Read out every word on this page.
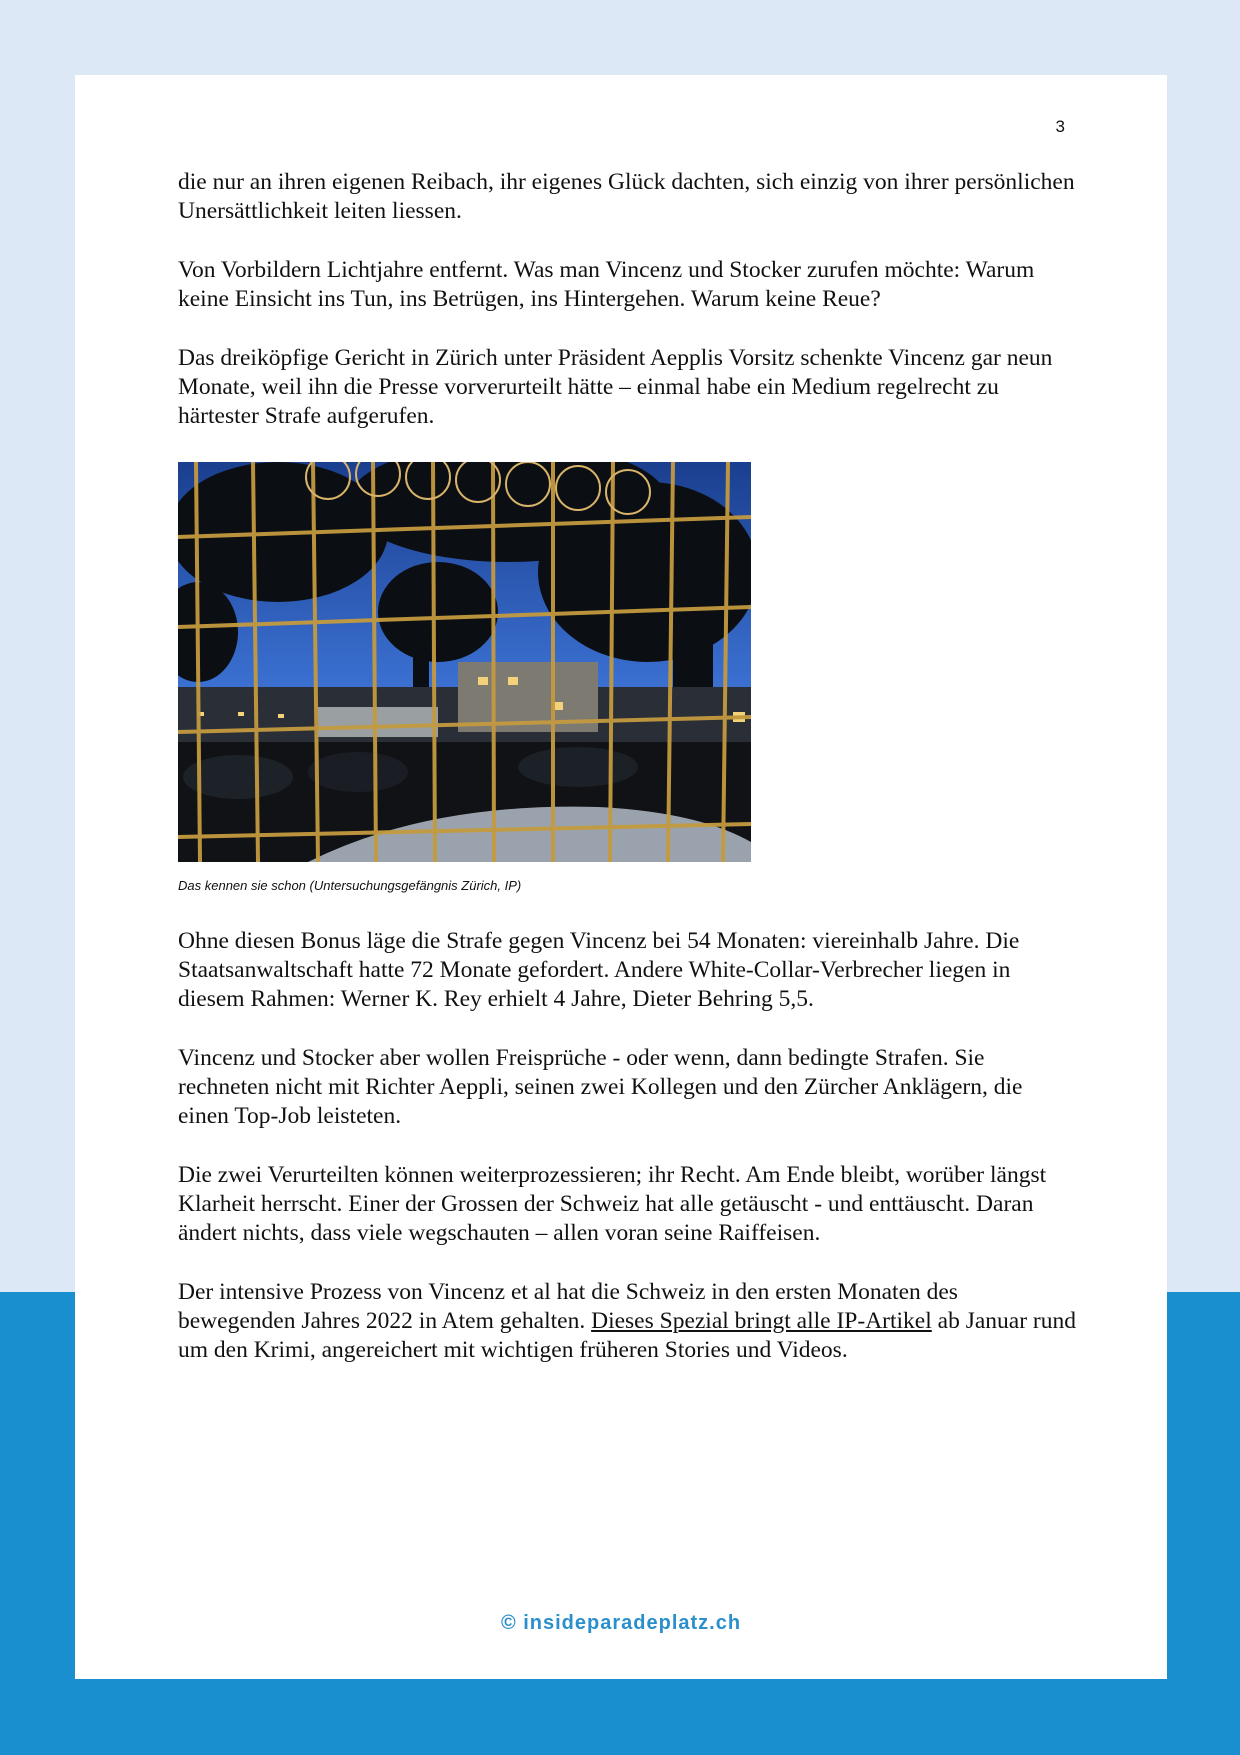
3

die nur an ihren eigenen Reibach, ihr eigenes Glück dachten, sich einzig von ihrer persönlichen Unersättlichkeit leiten liessen.

Von Vorbildern Lichtjahre entfernt. Was man Vincenz und Stocker zurufen möchte: Warum keine Einsicht ins Tun, ins Betrügen, ins Hintergehen. Warum keine Reue?

Das dreiköpfige Gericht in Zürich unter Präsident Aepplis Vorsitz schenkte Vincenz gar neun Monate, weil ihn die Presse vorverurteilt hätte – einmal habe ein Medium regelrecht zu härtester Strafe aufgerufen.

Das kennen sie schon (Untersuchungsgefängnis Zürich, IP)

Ohne diesen Bonus läge die Strafe gegen Vincenz bei 54 Monaten: viereinhalb Jahre. Die Staatsanwaltschaft hatte 72 Monate gefordert. Andere White-Collar-Verbrecher liegen in diesem Rahmen: Werner K. Rey erhielt 4 Jahre, Dieter Behring 5,5.

Vincenz und Stocker aber wollen Freisprüche - oder wenn, dann bedingte Strafen. Sie rechneten nicht mit Richter Aeppli, seinen zwei Kollegen und den Zürcher Anklägern, die einen Top-Job leisteten.

Die zwei Verurteilten können weiterprozessieren; ihr Recht. Am Ende bleibt, worüber längst Klarheit herrscht. Einer der Grossen der Schweiz hat alle getäuscht - und enttäuscht. Daran ändert nichts, dass viele wegschauten – allen voran seine Raiffeisen.

Der intensive Prozess von Vincenz et al hat die Schweiz in den ersten Monaten des bewegenden Jahres 2022 in Atem gehalten. Dieses Spezial bringt alle IP-Artikel ab Januar rund um den Krimi, angereichert mit wichtigen früheren Stories und Videos.

© insideparadeplatz.ch
